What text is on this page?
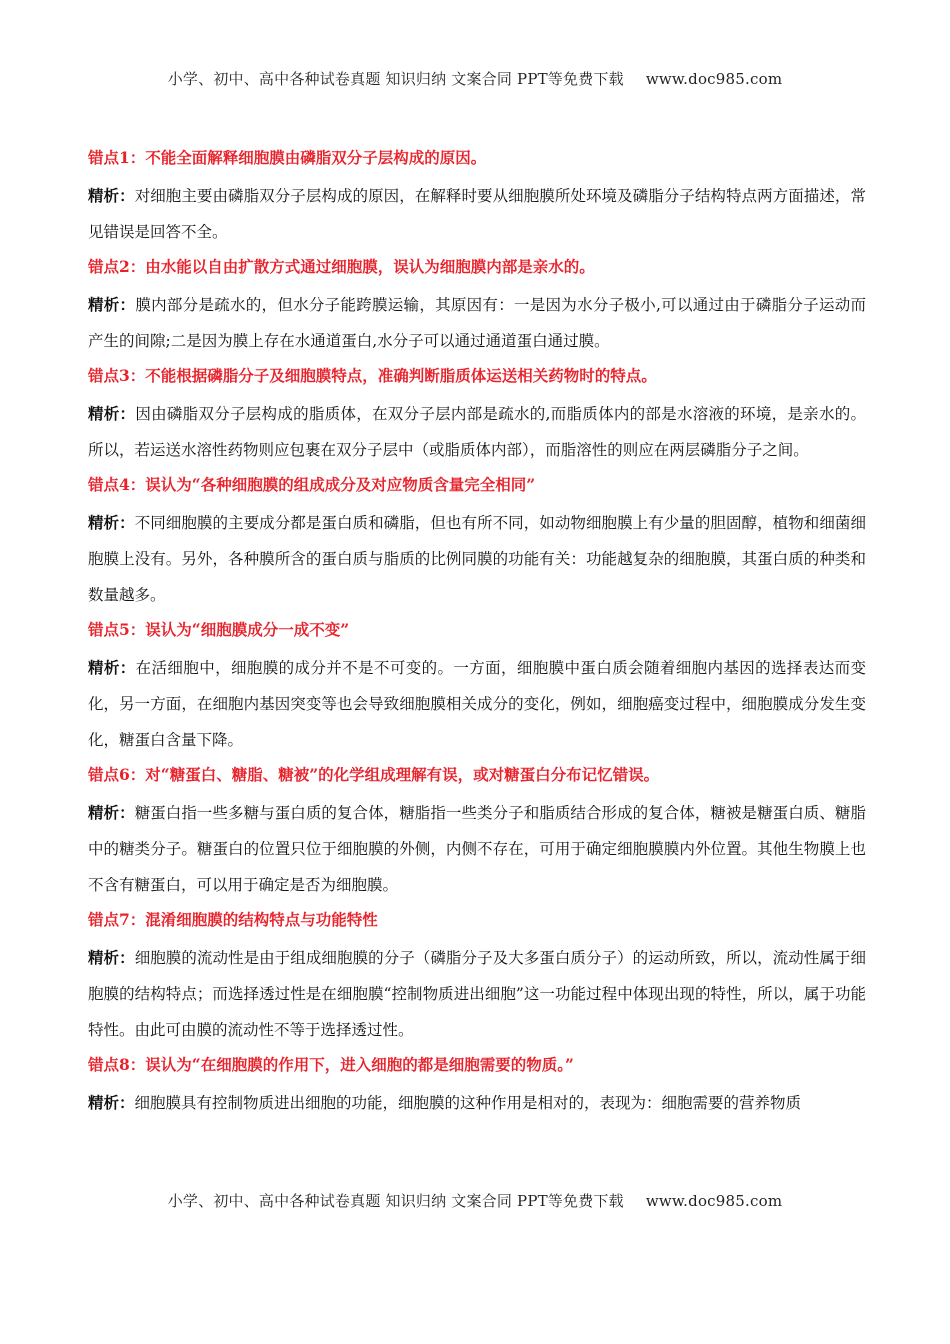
小学、初中、高中各种试卷真题 知识归纳 文案合同 PPT等免费下载 www.doc985.com
错点1：不能全面解释细胞膜由磷脂双分子层构成的原因。
精析：对细胞主要由磷脂双分子层构成的原因，在解释时要从细胞膜所处环境及磷脂分子结构特点两方面描述，常见错误是回答不全。
错点2：由水能以自由扩散方式通过细胞膜，误认为细胞膜内部是亲水的。
精析：膜内部分是疏水的，但水分子能跨膜运输，其原因有：一是因为水分子极小,可以通过由于磷脂分子运动而产生的间隙;二是因为膜上存在水通道蛋白,水分子可以通过通道蛋白通过膜。
错点3：不能根据磷脂分子及细胞膜特点，准确判断脂质体运送相关药物时的特点。
精析：因由磷脂双分子层构成的脂质体，在双分子层内部是疏水的,而脂质体内的部是水溶液的环境，是亲水的。所以，若运送水溶性药物则应包裹在双分子层中（或脂质体内部），而脂溶性的则应在两层磷脂分子之间。
错点4：误认为“各种细胞膜的组成成分及对应物质含量完全相同”
精析：不同细胞膜的主要成分都是蛋白质和磷脂，但也有所不同，如动物细胞膜上有少量的胆固醇，植物和细菌细胞膜上没有。另外，各种膜所含的蛋白质与脂质的比例同膜的功能有关：功能越复杂的细胞膜，其蛋白质的种类和数量越多。
错点5：误认为“细胞膜成分一成不变”
精析：在活细胞中，细胞膜的成分并不是不可变的。一方面，细胞膜中蛋白质会随着细胞内基因的选择表达而变化，另一方面，在细胞内基因突变等也会导致细胞膜相关成分的变化，例如，细胞癌变过程中，细胞膜成分发生变化，糖蛋白含量下降。
错点6：对“糖蛋白、糖脂、糖被”的化学组成理解有误，或对糖蛋白分布记忆错误。
精析：糖蛋白指一些多糖与蛋白质的复合体，糖脂指一些类分子和脂质结合形成的复合体，糖被是糖蛋白质、糖脂中的糖类分子。糖蛋白的位置只位于细胞膜的外侧，内侧不存在，可用于确定细胞膜膜内外位置。其他生物膜上也不含有糖蛋白，可以用于确定是否为细胞膜。
错点7：混淆细胞膜的结构特点与功能特性
精析：细胞膜的流动性是由于组成细胞膜的分子（磷脂分子及大多蛋白质分子）的运动所致，所以，流动性属于细胞膜的结构特点；而选择透过性是在细胞膜“控制物质进出细胞”这一功能过程中体现出现的特性，所以，属于功能特性。由此可由膜的流动性不等于选择透过性。
错点8：误认为“在细胞膜的作用下，进入细胞的都是细胞需要的物质。”
精析：细胞膜具有控制物质进出细胞的功能，细胞膜的这种作用是相对的，表现为：细胞需要的营养物质
小学、初中、高中各种试卷真题 知识归纳 文案合同 PPT等免费下载 www.doc985.com
